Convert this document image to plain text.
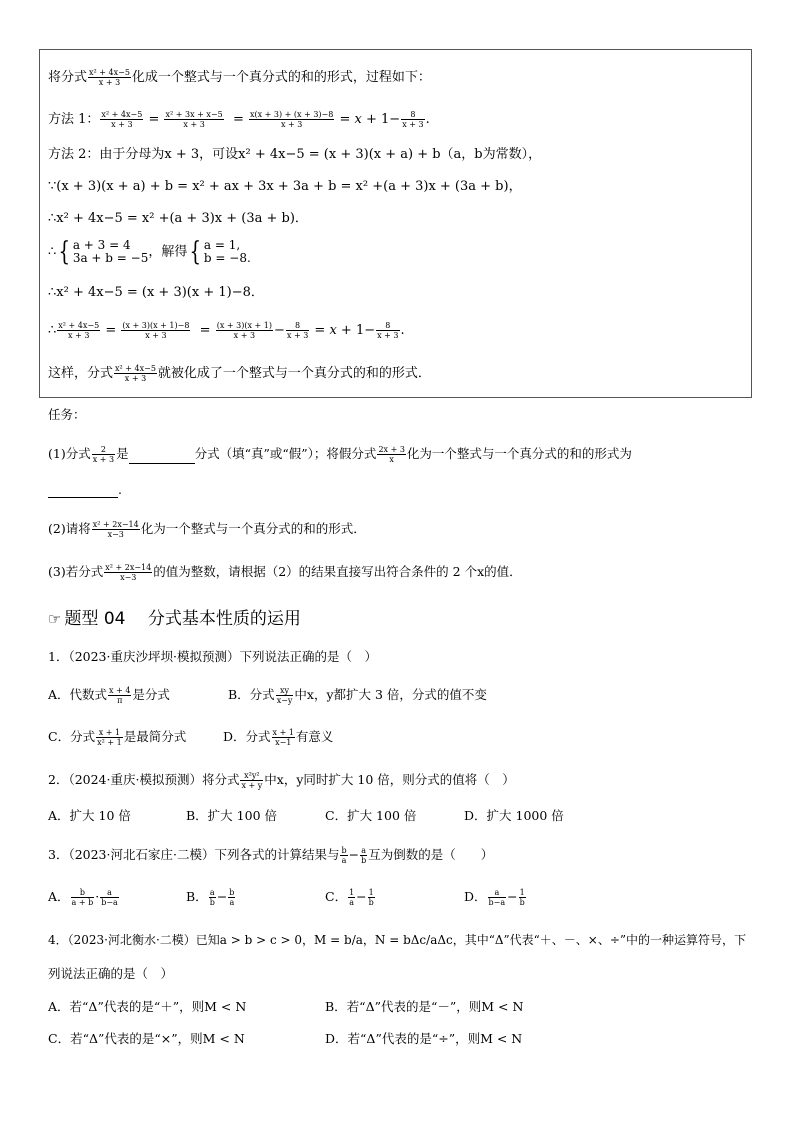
将分式 $\frac{\text{x² + 4x−5}}{x + 3}$ 化成一个整式与一个真分式的和的形式，过程如下：
方法 1： $\frac{\text{x² + 4x−5}}{x + 3} = \frac{\text{x² + 3x + x−5}}{x + 3} = \frac{x(x + 3) + (x + 3)-8}{x + 3} = x + 1- \frac{8}{x + 3}$ .
方法 2：由于分母为x + 3，可设x² + 4x−5 = (x + 3)(x + a) + b（a，b为常数），
∵(x + 3)(x + a) + b = x² + ax + 3x + 3a + b = x² +(a + 3)x + (3a + b)，
∴x² + 4x−5 = x² +(a + 3)x + (3a + b)．
∴{ a + 3 = 4
3a + b = −5 ，解得{ a = 1,
b = −8.
∴x² + 4x−5 = (x + 3)(x + 1)−8．
∴ $\frac{\text{x² + 4x−5}}{x + 3} = \frac{(x + 3)(x + 1)-8}{x + 3} = \frac{(x + 3)(x + 1)}{x + 3} - \frac{8}{x + 3} = x + 1- \frac{8}{x + 3}$ .
这样，分式 $\frac{\text{x² + 4x−5}}{x + 3}$ 就被化成了一个整式与一个真分式的和的形式．
任务：
(1)分式 $\frac{2}{x + 3}$ 是	分式（填“真”或“假”）；将假分式 $\frac{2x + 3}{x}$ 化为一个整式与一个真分式的和的形式为
.
(2)请将 $\frac{\text{x² + 2x−14}}{x-3}$ 化为一个整式与一个真分式的和的形式．
(3)若分式 $\frac{\text{x² + 2x−14}}{x-3}$ 的值为整数，请根据（2）的结果直接写出符合条件的 2 个x的值．
☞ 题型 04　 分式基本性质的运用
1．（2023·重庆沙坪坝·模拟预测）下列说法正确的是（　）
A．代数式 $\frac{x + 4}{\pi}$ 是分式	B．分式 $\frac{xy}{x-y}$ 中x，y都扩大 3 倍，分式的值不变
C．分式 $\frac{x + 1}{\text{x² + 1}}$ 是最简分式	D．分式 $\frac{x + 1}{x-1}$ 有意义
2．（2024·重庆·模拟预测）将分式 $\frac{\text{x²y²}}{x + y}$ 中x，y同时扩大 10 倍，则分式的值将（　）
A．扩大 10 倍	B．扩大 100 倍	C．扩大 100 倍	D．扩大 1000 倍
3．（2023·河北石家庄·二模）下列各式的计算结果与 $\frac{b}{a} - \frac{a}{b}$ 互为倒数的是（　　）
A． $\frac{b}{a + b} \cdot \frac{a}{b-a}$	B． $\frac{a}{b} - \frac{b}{a}$	C． $\frac{1}{a} - \frac{1}{b}$	D． $\frac{a}{b-a} - \frac{1}{b}$
4．（2023·河北衡水·二模）已知a > b > c > 0，M = b/a，N = bΔc/aΔc，其中“Δ”代表“＋、－、×、÷”中的一种运算符号，下
列说法正确的是（　）
A．若“Δ”代表的是“＋”，则M < N	B．若“Δ”代表的是“－”，则M < N
C．若“Δ”代表的是“×”，则M < N	D．若“Δ”代表的是“÷”，则M < N
